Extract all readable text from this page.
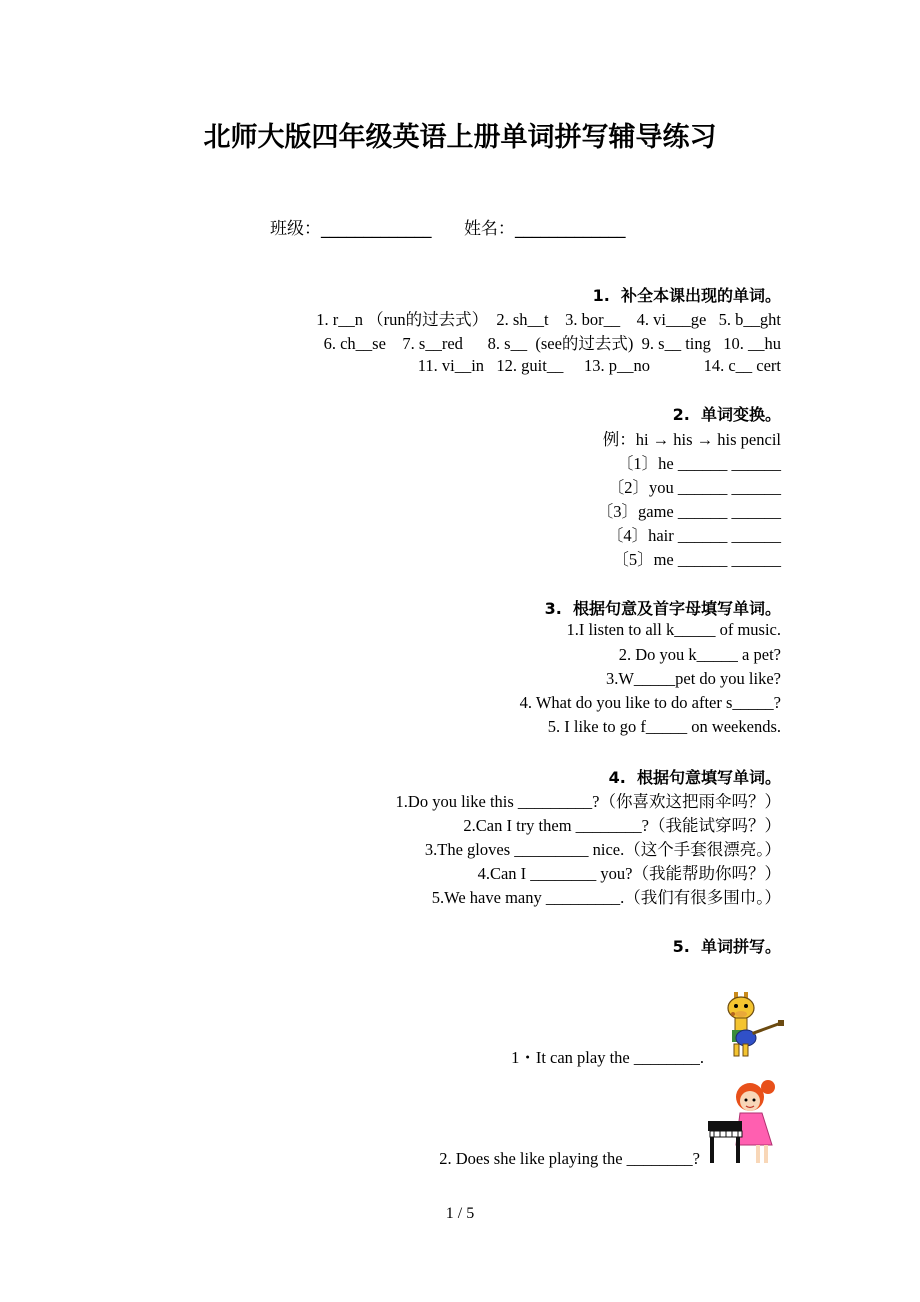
北师大版四年级英语上册单词拼写辅导练习
班级：_____________ 姓名：_____________
1.  补全本课出现的单词。
1. r__n （run的过去式）  2. sh__t    3. bor__    4. vi___ge   5. b__ght
6. ch__se    7. s__red      8. s__  (see的过去式)  9. s__ ting   10. __hu
11. vi__in   12. guit__     13. p__no             14. c__ cert
2.  单词变换。
例：hi → his → his pencil
〔1〕he ______ ______
〔2〕you ______ ______
〔3〕game ______ ______
〔4〕hair ______ ______
〔5〕me ______ ______
3.  根据句意及首字母填写单词。
1.I listen to all k_____ of music.
2. Do you k_____ a pet?
3.W_____pet do you like?
4. What do you like to do after s_____?
5. I like to go f_____ on weekends.
4.  根据句意填写单词。
1.Do you like this _________?（你喜欢这把雨伞吗？）
2.Can I try them ________?（我能试穿吗？）
3.The gloves _________ nice.（这个手套很漂亮。）
4.Can I ________ you?（我能帮助你吗？）
5.We have many _________.（我们有很多围巾。）
5.  单词拼写。
1・It can play the ________.
2. Does she like playing the ________?
1 / 5
